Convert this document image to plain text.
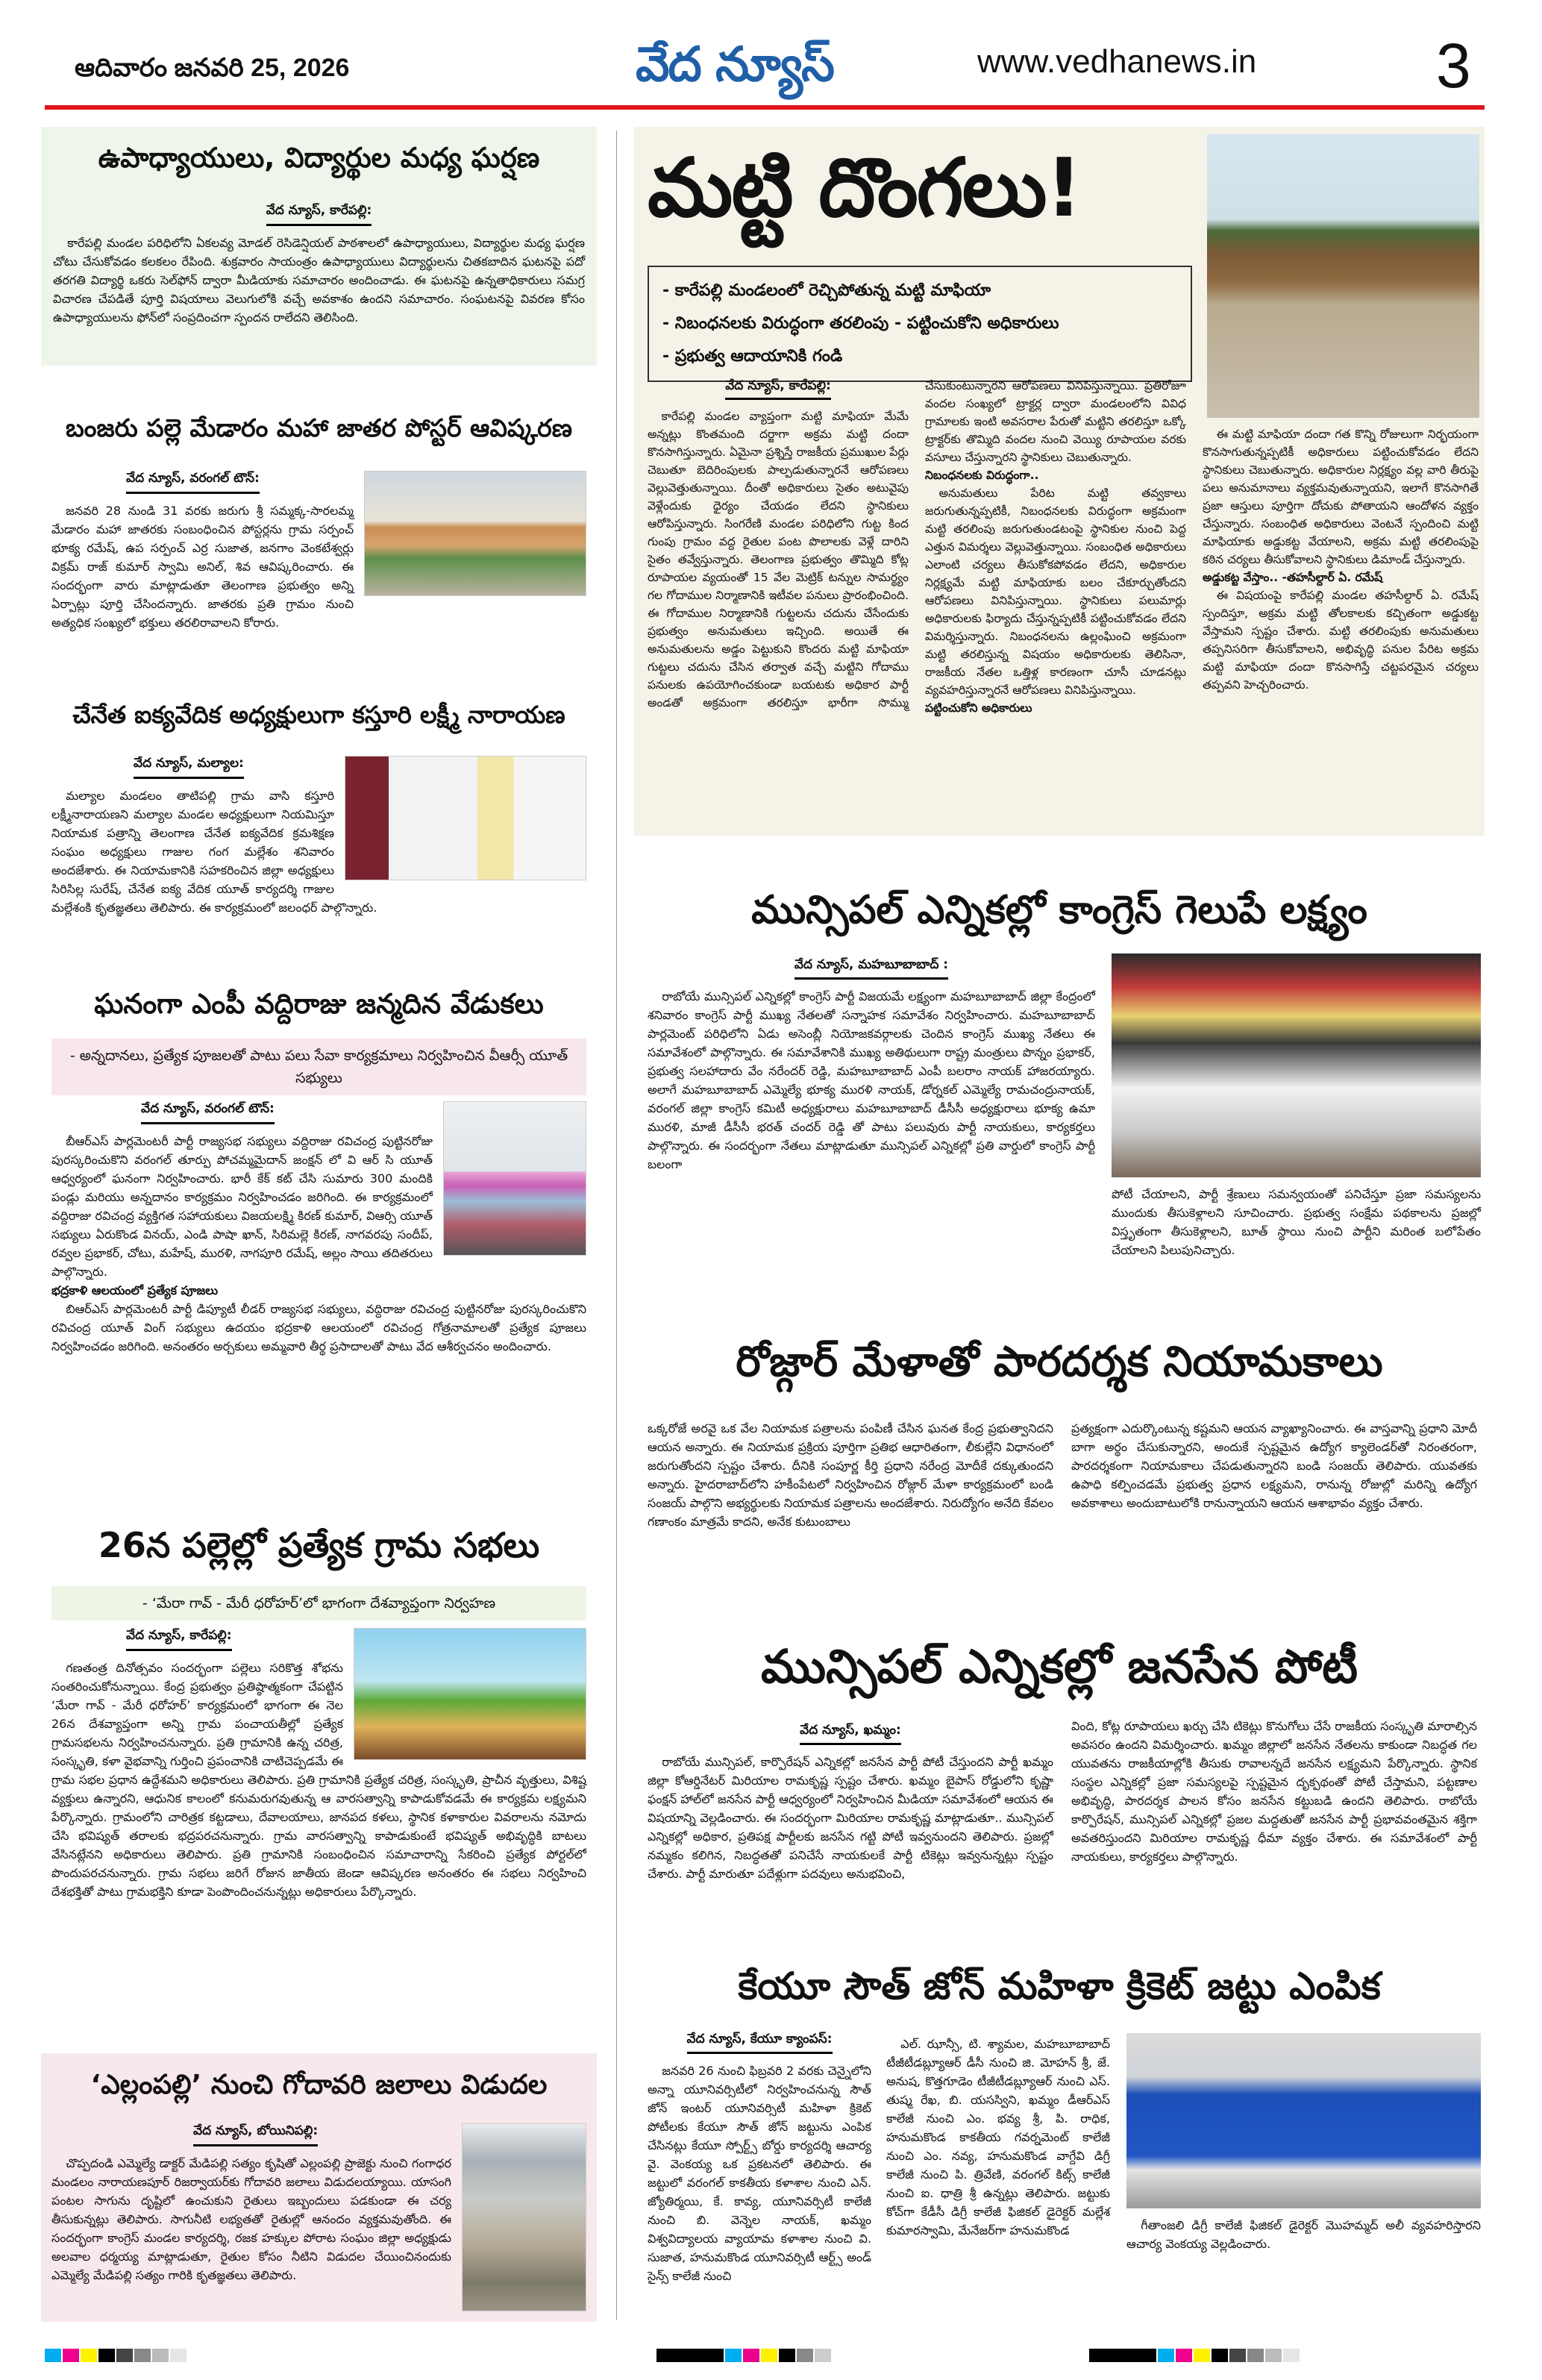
ఆదివారం జనవరి 25, 2026	వేద న్యూస్	www.vedhanews.in	3
ఉపాధ్యాయులు, విద్యార్థుల మధ్య ఘర్షణ
వేద న్యూస్, కారేపల్లి:

కారేపల్లి మండల పరిధిలోని ఏకలవ్య మోడల్ రెసిడెన్షియల్ పాఠశాలలో ఉపాధ్యాయులు, విద్యార్థుల మధ్య ఘర్షణ చోటు చేసుకోవడం కలకలం రేపింది. శుక్రవారం సాయంత్రం ఉపాధ్యాయులు విద్యార్థులను చితకబాదిన ఘటనపై పదో తరగతి విద్యార్థి ఒకరు సెల్‌ఫోన్ ద్వారా మీడియాకు సమాచారం అందించాడు. ఈ ఘటనపై ఉన్నతాధికారులు సమగ్ర విచారణ చేపడితే పూర్తి విషయాలు వెలుగులోకి వచ్చే అవకాశం ఉందని సమాచారం. సంఘటనపై వివరణ కోసం ఉపాధ్యాయులను ఫోన్‌లో సంప్రదించగా స్పందన రాలేదని తెలిసింది.

బంజరు పల్లె మేడారం మహా జాతర పోస్టర్ ఆవిష్కరణ
వేద న్యూస్, వరంగల్ టౌన్:

జనవరి 28 నుండి 31 వరకు జరుగు శ్రీ సమ్మక్క-సారలమ్మ మేడారం మహా జాతరకు సంబంధించిన పోస్టర్లను గ్రామ సర్పంచ్ భూక్య రమేష్, ఉప సర్పంచ్ ఎర్ర సుజాత, జనగాం వెంకటేశ్వర్లు విక్రమ్ రాజ్ కుమార్ స్వామి అనిల్, శివ ఆవిష్కరించారు. ఈ సందర్భంగా వారు మాట్లాడుతూ తెలంగాణ ప్రభుత్వం అన్ని ఏర్పాట్లు పూర్తి చేసిందన్నారు. జాతరకు ప్రతి గ్రామం నుంచి అత్యధిక సంఖ్యలో భక్తులు తరలిరావాలని కోరారు.

చేనేత ఐక్యవేదిక అధ్యక్షులుగా కస్తూరి లక్ష్మీ నారాయణ
వేద న్యూస్, మల్యాల:

మల్యాల మండలం తాటిపల్లి గ్రామ వాసి కస్తూరి లక్ష్మీనారాయణని మల్యాల మండల అధ్యక్షులుగా నియమిస్తూ నియామక పత్రాన్ని తెలంగాణ చేనేత ఐక్యవేదిక క్రమశిక్షణ సంఘం అధ్యక్షులు గాజుల గంగ మల్లేశం శనివారం అందజేశారు. ఈ నియామకానికి సహకరించిన జిల్లా అధ్యక్షులు సిరిసిల్ల సురేష్, చేనేత ఐక్య వేదిక యూత్ కార్యదర్శి గాజుల మల్లేశంకి కృతజ్ఞతలు తెలిపారు. ఈ కార్యక్రమంలో జలంధర్ పాల్గొన్నారు.

ఘనంగా ఎంపీ వద్దిరాజు జన్మదిన వేడుకలు
- అన్నదానలు, ప్రత్యేక పూజలతో పాటు పలు సేవా కార్యక్రమాలు నిర్వహించిన వీఆర్సీ యూత్ సభ్యులు
వేద న్యూస్, వరంగల్ టౌన్:

బీఆర్ఎస్ పార్లమెంటరీ పార్టీ రాజ్యసభ సభ్యులు వద్దిరాజు రవిచంద్ర పుట్టినరోజు పురస్కరించుకొని వరంగల్ తూర్పు పోచమ్మమైదాన్ జంక్షన్ లో వి ఆర్ సి యూత్ ఆధ్వర్యంలో ఘనంగా నిర్వహించారు. భారీ కేక్ కట్ చేసి సుమారు 300 మందికి పండ్లు మరియు అన్నదానం కార్యక్రమం నిర్వహించడం జరిగింది. ఈ కార్యక్రమంలో వద్దిరాజు రవిచంద్ర వ్యక్తిగత సహాయకులు విజయలక్ష్మి కిరణ్ కుమార్, విఆర్సి యూత్ సభ్యులు ఏరుకొండ వినయ్, ఎండి పాషా ఖాన్, సిరిమల్లె కిరణ్, నాగవరపు సందీప్, రవ్వల ప్రభాకర్, చోటు, మహేష్, మురళి, నాగపూరి రమేష్, అల్లం సాయి తదితరులు పాల్గొన్నారు.

భద్రకాళి ఆలయంలో ప్రత్యేక పూజలు

బిఆర్ఎస్ పార్లమెంటరీ పార్టీ డిప్యూటీ లీడర్ రాజ్యసభ సభ్యులు, వద్దిరాజు రవిచంద్ర పుట్టినరోజు పురస్కరించుకొని రవిచంద్ర యూత్ వింగ్ సభ్యులు ఉదయం భద్రకాళి ఆలయంలో రవిచంద్ర గోత్రనామాలతో ప్రత్యేక పూజలు నిర్వహించడం జరిగింది. అనంతరం అర్చకులు అమ్మవారి తీర్థ ప్రసాదాలతో పాటు వేద ఆశీర్వచనం అందించారు.

26న పల్లెల్లో ప్రత్యేక గ్రామ సభలు
- ‘మేరా గావ్ - మేరీ ధరోహర్’లో భాగంగా దేశవ్యాప్తంగా నిర్వహణ
వేద న్యూస్, కారేపల్లి:

గణతంత్ర దినోత్సవం సందర్భంగా పల్లెలు సరికొత్త శోభను సంతరించుకోనున్నాయి. కేంద్ర ప్రభుత్వం ప్రతిష్ఠాత్మకంగా చేపట్టిన ‘మేరా గావ్ - మేరీ ధరోహర్’ కార్యక్రమంలో భాగంగా ఈ నెల 26న దేశవ్యాప్తంగా అన్ని గ్రామ పంచాయతీల్లో ప్రత్యేక గ్రామసభలను నిర్వహించనున్నారు. ప్రతి గ్రామానికి ఉన్న చరిత్ర, సంస్కృతి, కళా వైభవాన్ని గుర్తించి ప్రపంచానికి చాటిచెప్పడమే ఈ గ్రామ సభల ప్రధాన ఉద్దేశమని అధికారులు తెలిపారు. ప్రతి గ్రామానికి ప్రత్యేక చరిత్ర, సంస్కృతి, ప్రాచీన వృత్తులు, విశిష్ట వ్యక్తులు ఉన్నారని, ఆధునిక కాలంలో కనుమరుగవుతున్న ఆ వారసత్వాన్ని కాపాడుకోవడమే ఈ కార్యక్రమ లక్ష్యమని పేర్కొన్నారు. గ్రామంలోని చారిత్రక కట్టడాలు, దేవాలయాలు, జానపద కళలు, స్థానిక కళాకారుల వివరాలను నమోదు చేసి భవిష్యత్ తరాలకు భద్రపరచనున్నారు. గ్రామ వారసత్వాన్ని కాపాడుకుంటే భవిష్యత్ అభివృద్ధికి బాటలు వేసినట్లేనని అధికారులు తెలిపారు. ప్రతి గ్రామానికి సంబంధించిన సమాచారాన్ని సేకరించి ప్రత్యేక పోర్టల్‌లో పొందుపరచనున్నారు. గ్రామ సభలు జరిగే రోజున జాతీయ జెండా ఆవిష్కరణ అనంతరం ఈ సభలు నిర్వహించి దేశభక్తితో పాటు గ్రామభక్తిని కూడా పెంపొందించనున్నట్లు అధికారులు పేర్కొన్నారు.

‘ఎల్లంపల్లి’ నుంచి గోదావరి జలాలు విడుదల
వేద న్యూస్, బోయినిపల్లి:

చొప్పదండి ఎమ్మెల్యే డాక్టర్ మేడిపల్లి సత్యం కృషితో ఎల్లంపల్లి ప్రాజెక్టు నుంచి గంగాధర మండలం నారాయణపూర్ రిజర్వాయర్‌కు గోదావరి జలాలు విడుదలయ్యాయి. యాసంగి పంటల సాగును దృష్టిలో ఉంచుకుని రైతులు ఇబ్బందులు పడకుండా ఈ చర్య తీసుకున్నట్లు తెలిపారు. సాగునీటి లభ్యతతో రైతుల్లో ఆనందం వ్యక్తమవుతోంది. ఈ సందర్భంగా కాంగ్రెస్ మండల కార్యదర్శి, రజక హక్కుల పోరాట సంఘం జిల్లా అధ్యక్షుడు అలవాల ధర్మయ్య మాట్లాడుతూ, రైతుల కోసం నీటిని విడుదల చేయించినందుకు ఎమ్మెల్యే మేడిపల్లి సత్యం గారికి కృతజ్ఞతలు తెలిపారు.

మట్టి దొంగలు!
- కారేపల్లి మండలంలో రెచ్చిపోతున్న మట్టి మాఫియా
- నిబంధనలకు విరుద్ధంగా తరలింపు - పట్టించుకోని అధికారులు
- ప్రభుత్వ ఆదాయానికి గండి
వేద న్యూస్, కారేపల్లి:

కారేపల్లి మండల వ్యాప్తంగా మట్టి మాఫియా మేమే అన్నట్లు కొంతమంది దర్జాగా అక్రమ మట్టి దందా కొనసాగిస్తున్నారు. ఏమైనా ప్రశ్నిస్తే రాజకీయ ప్రముఖుల పేర్లు చెబుతూ బెదిరింపులకు పాల్పడుతున్నారనే ఆరోపణలు వెల్లువెత్తుతున్నాయి. దీంతో అధికారులు సైతం అటువైపు వెళ్లేందుకు ధైర్యం చేయడం లేదని స్థానికులు ఆరోపిస్తున్నారు. సింగరేణి మండల పరిధిలోని గుట్ట కింద గుంపు గ్రామం వద్ద రైతుల పంట పొలాలకు వెళ్లే దారిని సైతం తవ్వేస్తున్నారు. తెలంగాణ ప్రభుత్వం తొమ్మిది కోట్ల రూపాయల వ్యయంతో 15 వేల మెట్రిక్ టన్నుల సామర్థ్యం గల గోదాముల నిర్మాణానికి ఇటీవల పనులు ప్రారంభించింది. ఈ గోదాముల నిర్మాణానికి గుట్టలను చదును చేసేందుకు ప్రభుత్వం అనుమతులు ఇచ్చింది. అయితే ఈ అనుమతులను అడ్డం పెట్టుకుని కొందరు మట్టి మాఫియా గుట్టలు చదును చేసిన తర్వాత వచ్చే మట్టిని గోదాము పనులకు ఉపయోగించకుండా బయటకు అధికార పార్టీ అండతో అక్రమంగా తరలిస్తూ భారీగా సొమ్ము చేసుకుంటున్నారని ఆరోపణలు వినిపిస్తున్నాయి. ప్రతిరోజూ వందల సంఖ్యలో ట్రాక్టర్ల ద్వారా మండలంలోని వివిధ గ్రామాలకు ఇంటి అవసరాల పేరుతో మట్టిని తరలిస్తూ ఒక్కో ట్రాక్టర్‌కు తొమ్మిది వందల నుంచి వెయ్యి రూపాయల వరకు వసూలు చేస్తున్నారని స్థానికులు చెబుతున్నారు.

నిబంధనలకు విరుద్ధంగా..

అనుమతులు పేరిట మట్టి తవ్వకాలు జరుగుతున్నప్పటికీ, నిబంధనలకు విరుద్ధంగా అక్రమంగా మట్టి తరలింపు జరుగుతుండటంపై స్థానికుల నుంచి పెద్ద ఎత్తున విమర్శలు వెల్లువెత్తున్నాయి. సంబంధిత అధికారులు ఎలాంటి చర్యలు తీసుకోకపోవడం లేదని, అధికారుల నిర్లక్ష్యమే మట్టి మాఫియాకు బలం చేకూర్చుతోందని ఆరోపణలు వినిపిస్తున్నాయి. స్థానికులు పలుమార్లు అధికారులకు ఫిర్యాదు చేస్తున్నప్పటికీ పట్టించుకోవడం లేదని విమర్శిస్తున్నారు. నిబంధనలను ఉల్లంఘించి అక్రమంగా మట్టి తరలిస్తున్న విషయం అధికారులకు తెలిసినా, రాజకీయ నేతల ఒత్తిళ్ల కారణంగా చూసీ చూడనట్లు వ్యవహరిస్తున్నారనే ఆరోపణలు వినిపిస్తున్నాయి.

పట్టించుకోని అధికారులు

ఈ మట్టి మాఫియా దందా గత కొన్ని రోజులుగా నిర్భయంగా కొనసాగుతున్నప్పటికీ అధికారులు పట్టించుకోవడం లేదని స్థానికులు చెబుతున్నారు. అధికారుల నిర్లక్ష్యం వల్ల వారి తీరుపై పలు అనుమానాలు వ్యక్తమవుతున్నాయని, ఇలాగే కొనసాగితే ప్రజా ఆస్తులు పూర్తిగా దోచుకు పోతాయని ఆందోళన వ్యక్తం చేస్తున్నారు. సంబంధిత అధికారులు వెంటనే స్పందించి మట్టి మాఫియాకు అడ్డుకట్ట వేయాలని, అక్రమ మట్టి తరలింపుపై కఠిన చర్యలు తీసుకోవాలని స్థానికులు డిమాండ్ చేస్తున్నారు.

అడ్డుకట్ట వేస్తాం.. -తహసీల్దార్ ఏ. రమేష్

ఈ విషయంపై కారేపల్లి మండల తహసీల్దార్ ఏ. రమేష్ స్పందిస్తూ, అక్రమ మట్టి తోలకాలకు కచ్చితంగా అడ్డుకట్ట వేస్తామని స్పష్టం చేశారు. మట్టి తరలింపుకు అనుమతులు తప్పనిసరిగా తీసుకోవాలని, అభివృద్ధి పనుల పేరిట అక్రమ మట్టి మాఫియా దందా కొనసాగిస్తే చట్టపరమైన చర్యలు తప్పవని హెచ్చరించారు.

మున్సిపల్ ఎన్నికల్లో కాంగ్రెస్ గెలుపే లక్ష్యం
వేద న్యూస్, మహబూబాబాద్ :

రాబోయే మున్సిపల్ ఎన్నికల్లో కాంగ్రెస్ పార్టీ విజయమే లక్ష్యంగా మహబూబాబాద్ జిల్లా కేంద్రంలో శనివారం కాంగ్రెస్ పార్టీ ముఖ్య నేతలతో సన్నాహక సమావేశం నిర్వహించారు. మహబూబాబాద్ పార్లమెంట్ పరిధిలోని ఏడు అసెంబ్లీ నియోజకవర్గాలకు చెందిన కాంగ్రెస్ ముఖ్య నేతలు ఈ సమావేశంలో పాల్గొన్నారు. ఈ సమావేశానికి ముఖ్య అతిథులుగా రాష్ట్ర మంత్రులు పొన్నం ప్రభాకర్, ప్రభుత్వ సలహాదారు వేం నరేందర్ రెడ్డి, మహబూబాబాద్ ఎంపీ బలరాం నాయక్ హాజరయ్యారు. అలాగే మహబూబాబాద్ ఎమ్మెల్యే భూక్య మురళి నాయక్, డోర్నకల్ ఎమ్మెల్యే రామచంద్రునాయక్, వరంగల్ జిల్లా కాంగ్రెస్ కమిటీ అధ్యక్షురాలు మహబూబాబాద్ డీసీసీ అధ్యక్షురాలు భూక్య ఉమా మురళి, మాజీ డీసీసీ భరత్ చందర్ రెడ్డి తో పాటు పలువురు పార్టీ నాయకులు, కార్యకర్తలు పాల్గొన్నారు. ఈ సందర్భంగా నేతలు మాట్లాడుతూ మున్సిపల్ ఎన్నికల్లో ప్రతి వార్డులో కాంగ్రెస్ పార్టీ బలంగా

పోటీ చేయాలని, పార్టీ శ్రేణులు సమన్వయంతో పనిచేస్తూ ప్రజా సమస్యలను ముందుకు తీసుకెళ్లాలని సూచించారు. ప్రభుత్వ సంక్షేమ పథకాలను ప్రజల్లో విస్తృతంగా తీసుకెళ్లాలని, బూత్ స్థాయి నుంచి పార్టీని మరింత బలోపేతం చేయాలని పిలుపునిచ్చారు.

రోజ్గార్ మేళాతో పారదర్శక నియామకాలు

ఒక్కరోజే అరవై ఒక వేల నియామక పత్రాలను పంపిణీ చేసిన ఘనత కేంద్ర ప్రభుత్వానిదని ఆయన అన్నారు. ఈ నియామక ప్రక్రియ పూర్తిగా ప్రతిభ ఆధారితంగా, లీకుల్లేని విధానంలో జరుగుతోందని స్పష్టం చేశారు. దీనికి సంపూర్ణ కీర్తి ప్రధాని నరేంద్ర మోదీకే దక్కుతుందని అన్నారు. హైదరాబాద్‌లోని హకీంపేటలో నిర్వహించిన రోజ్గార్ మేళా కార్యక్రమంలో బండి సంజయ్ పాల్గొని అభ్యర్థులకు నియామక పత్రాలను అందజేశారు. నిరుద్యోగం అనేది కేవలం గణాంకం మాత్రమే కాదని, అనేక కుటుంబాలు

ప్రత్యక్షంగా ఎదుర్కొంటున్న కష్టమని ఆయన వ్యాఖ్యానించారు. ఈ వాస్తవాన్ని ప్రధాని మోదీ బాగా అర్థం చేసుకున్నారని, అందుకే స్పష్టమైన ఉద్యోగ క్యాలెండర్‌తో నిరంతరంగా, పారదర్శకంగా నియామకాలు చేపడుతున్నారని బండి సంజయ్ తెలిపారు. యువతకు ఉపాధి కల్పించడమే ప్రభుత్వ ప్రధాన లక్ష్యమని, రానున్న రోజుల్లో మరిన్ని ఉద్యోగ అవకాశాలు అందుబాటులోకి రానున్నాయని ఆయన ఆశాభావం వ్యక్తం చేశారు.

మున్సిపల్ ఎన్నికల్లో జనసేన పోటీ
వేద న్యూస్, ఖమ్మం:

రాబోయే మున్సిపల్, కార్పొరేషన్ ఎన్నికల్లో జనసేన పార్టీ పోటీ చేస్తుందని పార్టీ ఖమ్మం జిల్లా కోఆర్డినేటర్ మిరియాల రామకృష్ణ స్పష్టం చేశారు. ఖమ్మం బైపాస్ రోడ్డులోని కృష్ణా ఫంక్షన్ హాల్‌లో జనసేన పార్టీ ఆధ్వర్యంలో నిర్వహించిన మీడియా సమావేశంలో ఆయన ఈ విషయాన్ని వెల్లడించారు. ఈ సందర్భంగా మిరియాల రామకృష్ణ మాట్లాడుతూ.. మున్సిపల్ ఎన్నికల్లో అధికార, ప్రతిపక్ష పార్టీలకు జనసేన గట్టి పోటీ ఇవ్వనుందని తెలిపారు. ప్రజల్లో నమ్మకం కలిగిన, నిబద్ధతతో పనిచేసే నాయకులకే పార్టీ టికెట్లు ఇవ్వనున్నట్లు స్పష్టం చేశారు. పార్టీ మారుతూ పదేళ్లుగా పదవులు అనుభవించి,

వింది, కోట్ల రూపాయలు ఖర్చు చేసి టికెట్లు కొనుగోలు చేసే రాజకీయ సంస్కృతి మారాల్సిన అవసరం ఉందని విమర్శించారు. ఖమ్మం జిల్లాలో జనసేన నేతలను కాకుండా నిబద్ధత గల యువతను రాజకీయాల్లోకి తీసుకు రావాలన్నదే జనసేన లక్ష్యమని పేర్కొన్నారు. స్థానిక సంస్థల ఎన్నికల్లో ప్రజా సమస్యలపై స్పష్టమైన దృక్పథంతో పోటీ చేస్తామని, పట్టణాల అభివృద్ధి, పారదర్శక పాలన కోసం జనసేన కట్టుబడి ఉందని తెలిపారు. రాబోయే కార్పొరేషన్, మున్సిపల్ ఎన్నికల్లో ప్రజల మద్దతుతో జనసేన పార్టీ ప్రభావవంతమైన శక్తిగా అవతరిస్తుందని మిరియాల రామకృష్ణ ధీమా వ్యక్తం చేశారు. ఈ సమావేశంలో పార్టీ నాయకులు, కార్యకర్తలు పాల్గొన్నారు.

కేయూ సౌత్ జోన్ మహిళా క్రికెట్ జట్టు ఎంపిక
వేద న్యూస్, కేయూ క్యాంపస్:

జనవరి 26 నుంచి ఫిబ్రవరి 2 వరకు చెన్నైలోని అన్నా యూనివర్సిటీలో నిర్వహించనున్న సౌత్ జోన్ ఇంటర్ యూనివర్సిటీ మహిళా క్రికెట్ పోటీలకు కేయూ సౌత్ జోన్ జట్టును ఎంపిక చేసినట్లు కేయూ స్పోర్ట్స్ బోర్డు కార్యదర్శి ఆచార్య వై. వెంకయ్య ఒక ప్రకటనలో తెలిపారు. ఈ జట్టులో వరంగల్ కాకతీయ కళాశాల నుంచి ఎన్. జ్యోతిర్మయి, కే. కావ్య, యూనివర్సిటీ కాలేజీ నుంచి బి. వెన్నెల నాయక్, ఖమ్మం విశ్వవిద్యాలయ వ్యాయామ కళాశాల నుంచి వి. సుజాత, హనుమకొండ యూనివర్సిటీ ఆర్ట్స్ అండ్ సైన్స్ కాలేజీ నుంచి

ఎల్. ఝాన్సీ, టి. శ్యామల, మహబూబాబాద్ టీజీటీడబ్ల్యూఆర్ డీసీ నుంచి జి. మోహన్ శ్రీ, జే. అనుష, కొత్తగూడెం టీజీటీడబ్ల్యూఆర్ నుంచి ఎస్. తుష్మ రేఖ, బి. యసస్విని, ఖమ్మం డీఆర్ఎస్ కాలేజీ నుంచి ఎం. భవ్య శ్రీ, పి. రాధిక, హనుమకొండ కాకతీయ గవర్నమెంట్ కాలేజీ నుంచి ఎం. నవ్య, హనుమకొండ వాగ్దేవి డిగ్రీ కాలేజీ నుంచి పి. త్రివేణి, వరంగల్ కిట్స్ కాలేజీ నుంచి ఐ. ధాత్రి శ్రీ ఉన్నట్లు తెలిపారు. జట్టుకు కోచ్‌గా కేడీసీ డిగ్రీ కాలేజీ ఫిజికల్ డైరెక్టర్ మల్లేశ కుమారస్వామి, మేనేజర్‌గా హనుమకొండ	గీతాంజలి డిగ్రీ కాలేజీ ఫిజికల్ డైరెక్టర్ మొహమ్మద్ అలీ వ్యవహరిస్తారని ఆచార్య వెంకయ్య వెల్లడించారు.
